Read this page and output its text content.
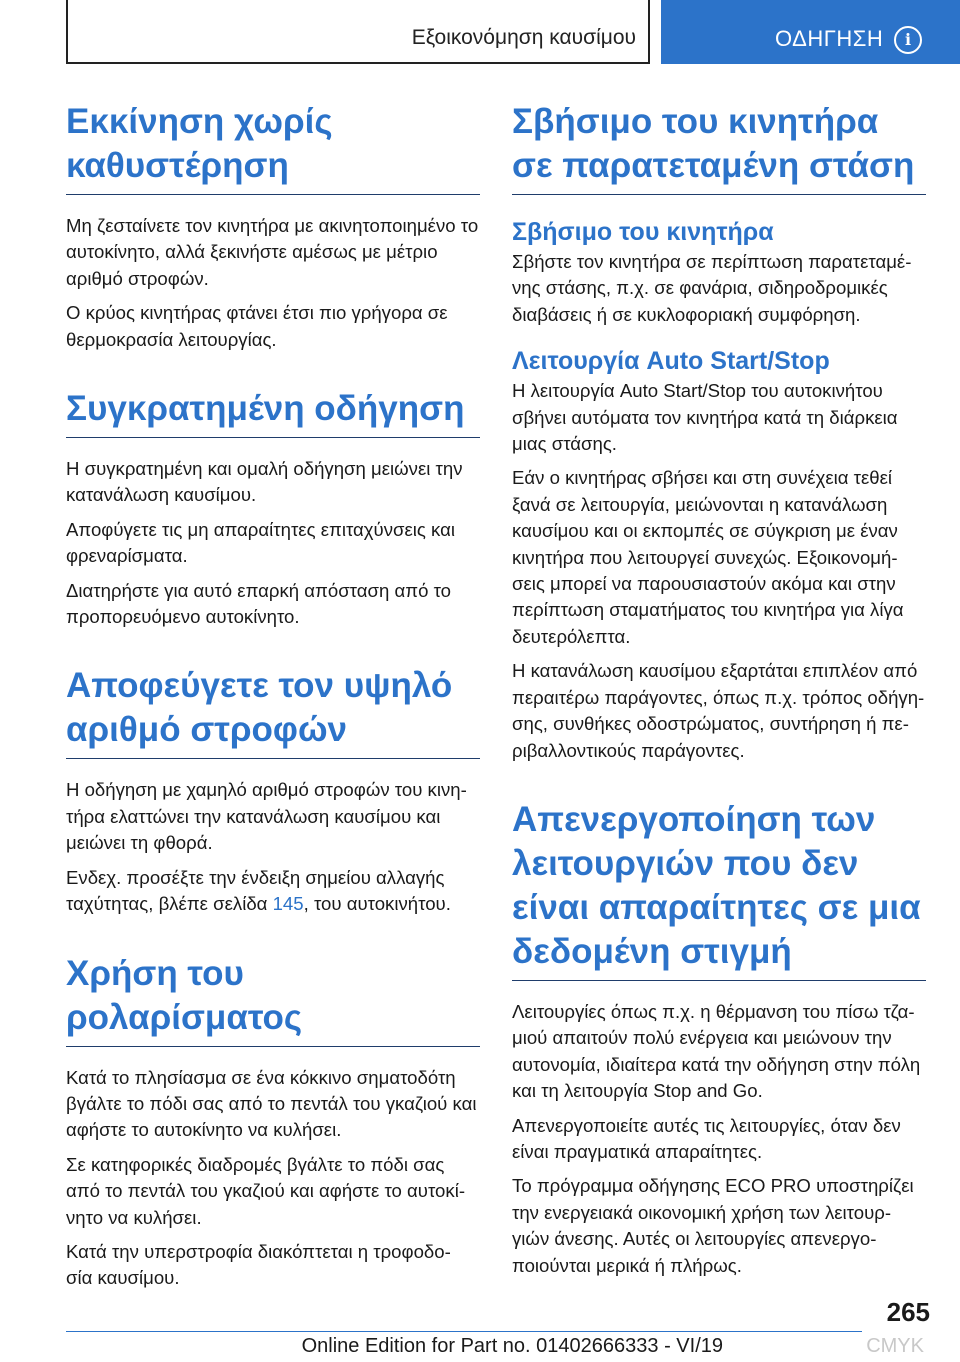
Εξοικονόμηση καυσίμου	ΟΔΗΓΗΣΗ	i
Εκκίνηση χωρίς καθυστέρηση

Μη ζεσταίνετε τον κινητήρα με ακινητοποιημένο το αυτοκίνητο, αλλά ξεκινήστε αμέσως με μέτριο αριθμό στροφών.

Ο κρύος κινητήρας φτάνει έτσι πιο γρήγορα σε θερμοκρασία λειτουργίας.

Συγκρατημένη οδήγηση

Η συγκρατημένη και ομαλή οδήγηση μειώνει την κατανάλωση καυσίμου.

Αποφύγετε τις μη απαραίτητες επιταχύνσεις και φρεναρίσματα.

Διατηρήστε για αυτό επαρκή απόσταση από το προπορευόμενο αυτοκίνητο.

Αποφεύγετε τον υψηλό αριθμό στροφών

Η οδήγηση με χαμηλό αριθμό στροφών του κινη- τήρα ελαττώνει την κατανάλωση καυσίμου και μειώνει τη φθορά.

Ενδεχ. προσέξτε την ένδειξη σημείου αλλαγής ταχύτητας, βλέπε σελίδα 145, του αυτοκινήτου.

Χρήση του ρολαρίσματος

Κατά το πλησίασμα σε ένα κόκκινο σηματοδότη βγάλτε το πόδι σας από το πεντάλ του γκαζιού και αφήστε το αυτοκίνητο να κυλήσει.

Σε κατηφορικές διαδρομές βγάλτε το πόδι σας από το πεντάλ του γκαζιού και αφήστε το αυτοκί- νητο να κυλήσει.

Κατά την υπερστροφία διακόπτεται η τροφοδο- σία καυσίμου.

Σβήσιμο του κινητήρα σε παρατεταμένη στάση
Σβήσιμο του κινητήρα

Σβήστε τον κινητήρα σε περίπτωση παρατεταμέ- νης στάσης, π.χ. σε φανάρια, σιδηροδρομικές διαβάσεις ή σε κυκλοφοριακή συμφόρηση.

Λειτουργία Auto Start/Stop

Η λειτουργία Auto Start/Stop του αυτοκινήτου σβήνει αυτόματα τον κινητήρα κατά τη διάρκεια μιας στάσης.

Εάν ο κινητήρας σβήσει και στη συνέχεια τεθεί ξανά σε λειτουργία, μειώνονται η κατανάλωση καυσίμου και οι εκπομπές σε σύγκριση με έναν κινητήρα που λειτουργεί συνεχώς. Εξοικονομή- σεις μπορεί να παρουσιαστούν ακόμα και στην περίπτωση σταματήματος του κινητήρα για λίγα δευτερόλεπτα.

Η κατανάλωση καυσίμου εξαρτάται επιπλέον από περαιτέρω παράγοντες, όπως π.χ. τρόπος οδήγη- σης, συνθήκες οδοστρώματος, συντήρηση ή πε- ριβαλλοντικούς παράγοντες.

Απενεργοποίηση των λειτουργιών που δεν είναι απαραίτητες σε μια δεδομένη στιγμή

Λειτουργίες όπως π.χ. η θέρμανση του πίσω τζα- μιού απαιτούν πολύ ενέργεια και μειώνουν την αυτονομία, ιδιαίτερα κατά την οδήγηση στην πόλη και τη λειτουργία Stop and Go.

Απενεργοποιείτε αυτές τις λειτουργίες, όταν δεν είναι πραγματικά απαραίτητες.

Το πρόγραμμα οδήγησης ECO PRO υποστηρίζει την ενεργειακά οικονομική χρήση των λειτουρ- γιών άνεσης. Αυτές οι λειτουργίες απενεργο- ποιούνται μερικά ή πλήρως.

265
Online Edition for Part no. 01402666333 - VI/19	CMYK
